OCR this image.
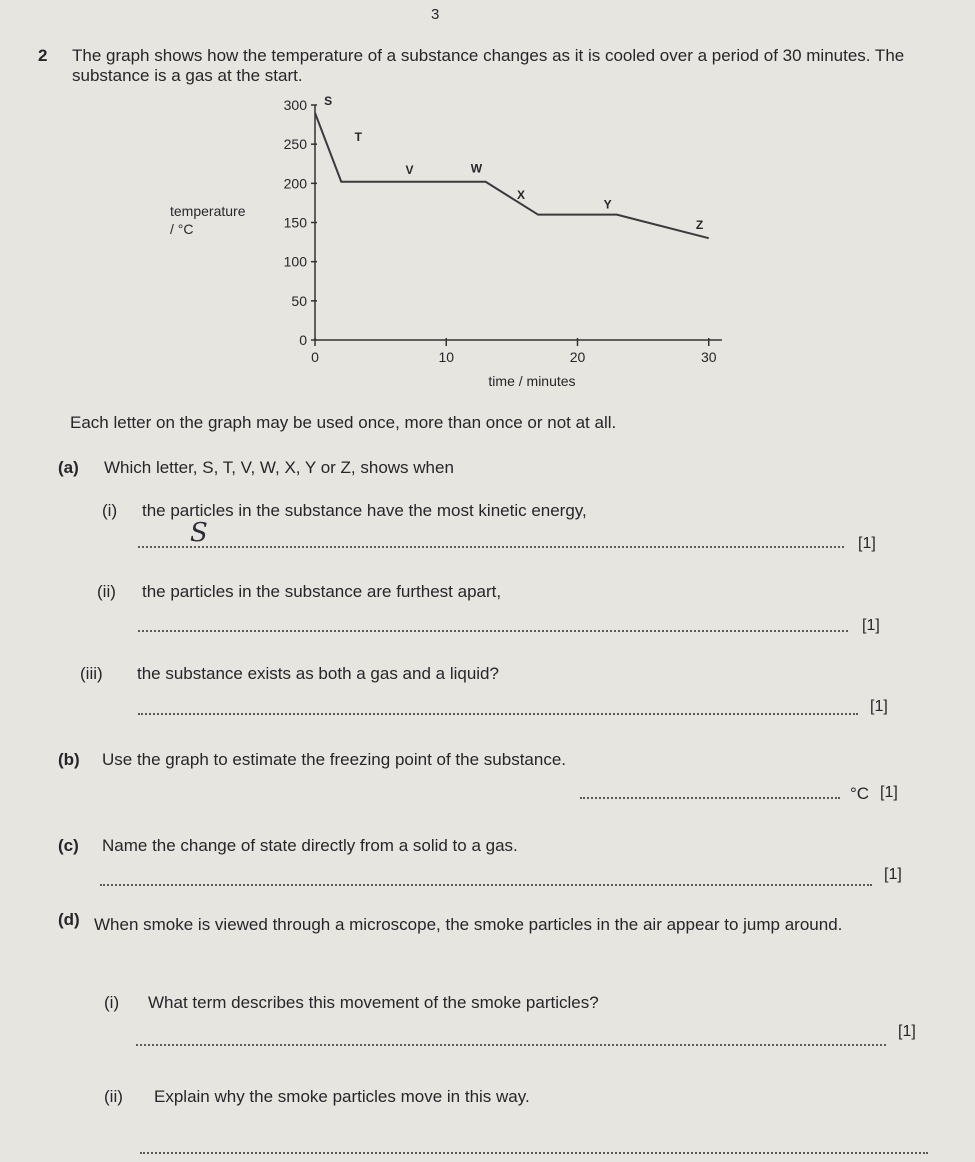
3
2 The graph shows how the temperature of a substance changes as it is cooled over a period of 30 minutes. The substance is a gas at the start.
temperature
/ °C
0
50
100
150
200
250
300
0	10	20	30
S
T
V	W
X
Y
Z
time / minutes
Each letter on the graph may be used once, more than once or not at all.
(a) Which letter, S, T, V, W, X, Y or Z, shows when
(i) the particles in the substance have the most kinetic energy,
S	[1]
(ii) the particles in the substance are furthest apart,
[1]
(iii) the substance exists as both a gas and a liquid?
[1]
(b) Use the graph to estimate the freezing point of the substance.
°C [1]
(c) Name the change of state directly from a solid to a gas.
[1]
(d) When smoke is viewed through a microscope, the smoke particles in the air appear to jump around.
(i) What term describes this movement of the smoke particles?
[1]
(ii) Explain why the smoke particles move in this way.
